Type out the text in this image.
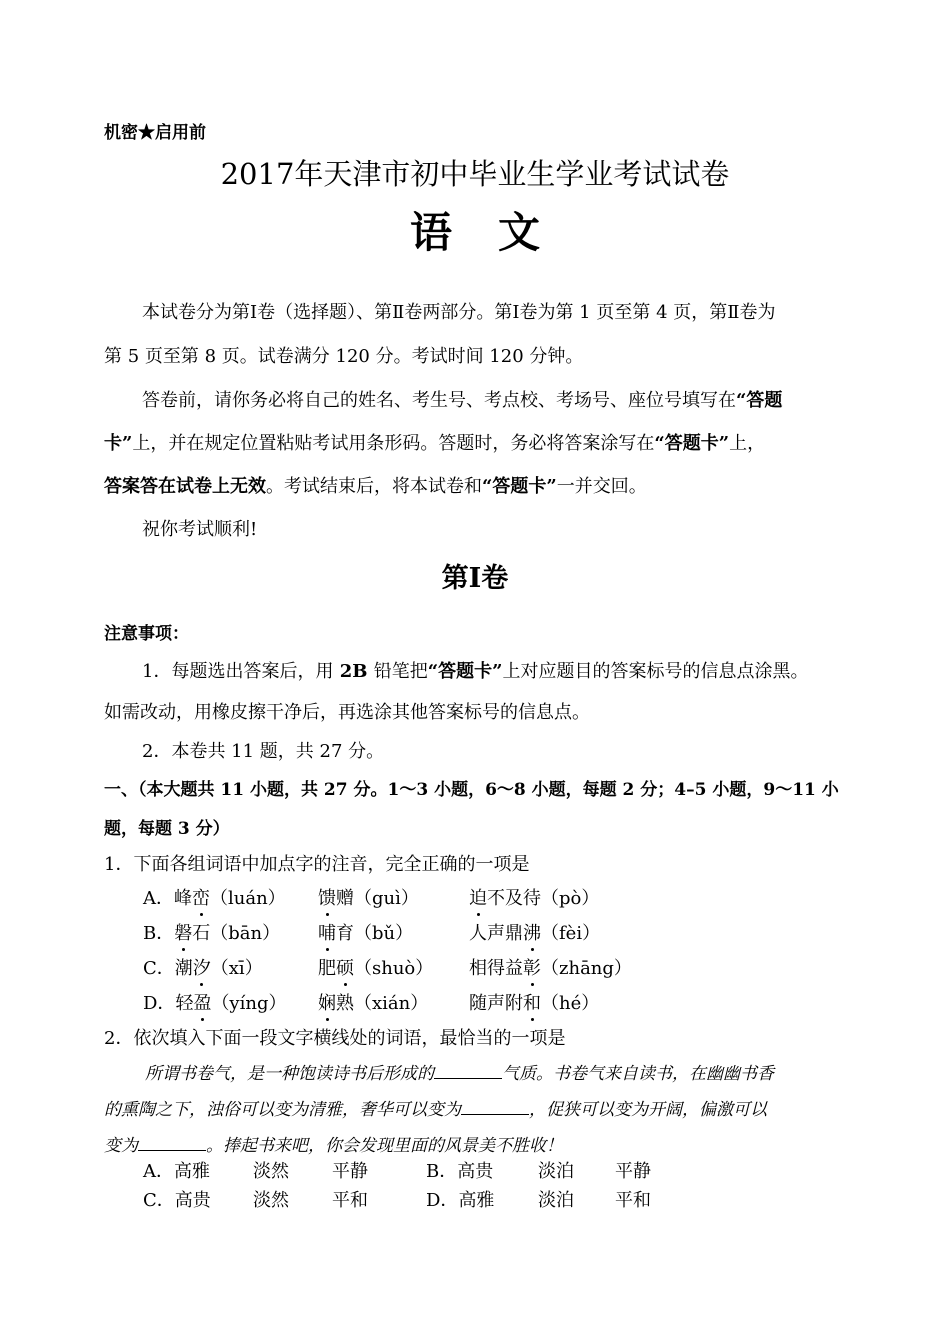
机密★启用前
2017年天津市初中毕业生学业考试试卷
语文
本试卷分为第Ⅰ卷（选择题）、第Ⅱ卷两部分。第Ⅰ卷为第 1 页至第 4 页，第Ⅱ卷为
第 5 页至第 8 页。试卷满分 120 分。考试时间 120 分钟。
答卷前，请你务必将自己的姓名、考生号、考点校、考场号、座位号填写在“答题
卡”上，并在规定位置粘贴考试用条形码。答题时，务必将答案涂写在“答题卡”上，
答案答在试卷上无效。考试结束后，将本试卷和“答题卡”一并交回。
祝你考试顺利!
第Ⅰ卷
注意事项：
1．每题选出答案后，用 2B 铅笔把“答题卡”上对应题目的答案标号的信息点涂黑。
如需改动，用橡皮擦干净后，再选涂其他答案标号的信息点。
2．本卷共 11 题，共 27 分。
一、（本大题共 11 小题，共 27 分。1～3 小题，6～8 小题，每题 2 分；4–5 小题，9～11 小
题，每题 3 分）
1．下面各组词语中加点字的注音，完全正确的一项是
A．峰峦（luán） 馈赠（guì）	迫不及待（pò）
B．磐石（bān） 哺育（bǔ）	人声鼎沸（fèi）
C．潮汐（xī）	肥硕（shuò） 相得益彰（zhāng）
D．轻盈（yíng） 娴熟（xián） 随声附和（hé）
2．依次填入下面一段文字横线处的词语，最恰当的一项是
所谓书卷气，是一种饱读诗书后形成的	气质。书卷气来自读书，在幽幽书香
的熏陶之下，浊俗可以变为清雅，奢华可以变为	，促狭可以变为开阔，偏激可以
变为	。捧起书来吧，你会发现里面的风景美不胜收！
A．高雅 淡然 平静	B．高贵 淡泊 平静
C．高贵 淡然 平和	D．高雅 淡泊 平和
